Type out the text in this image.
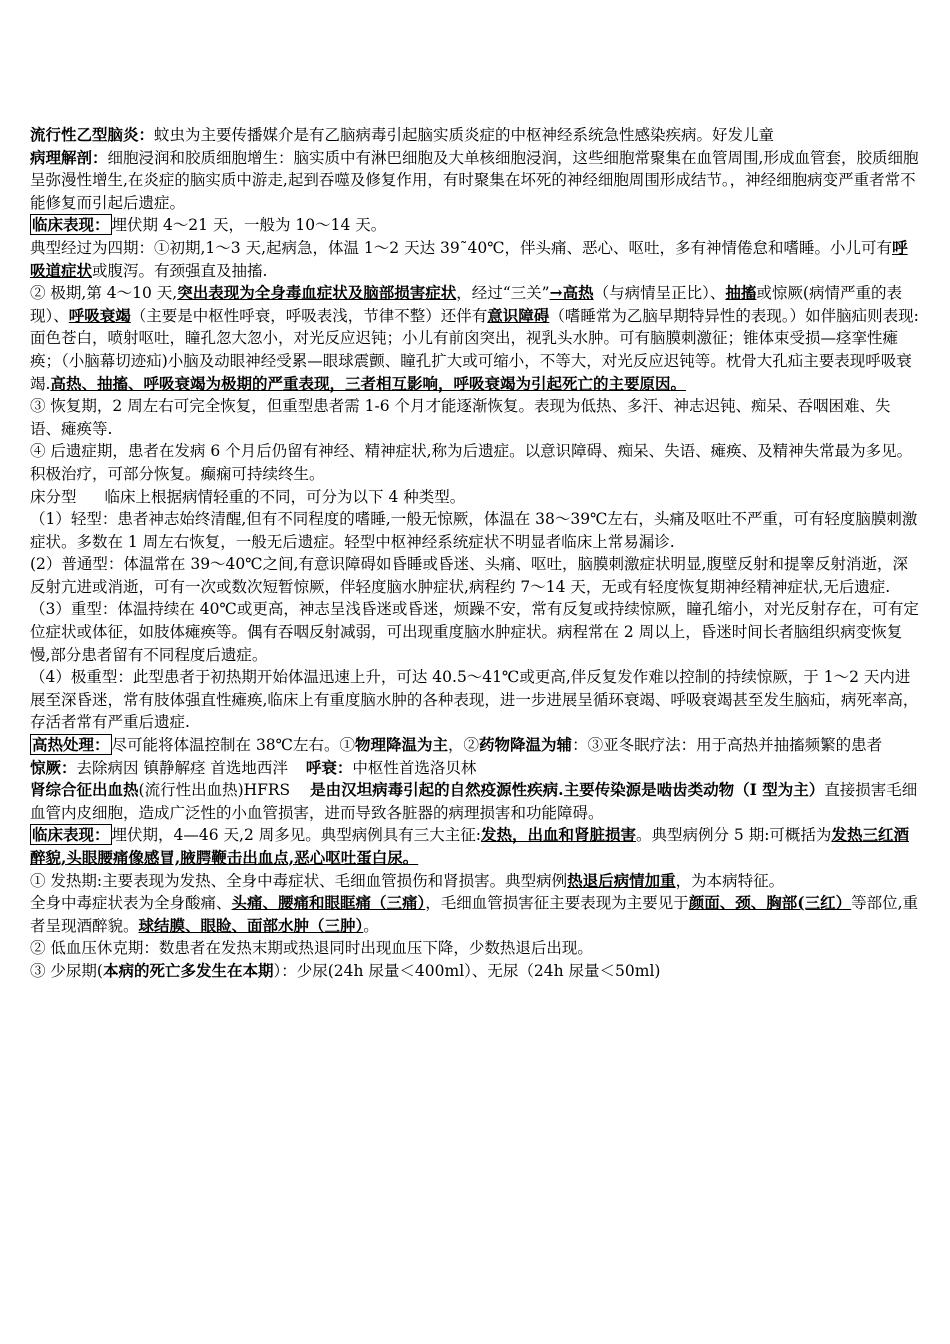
流行性乙型脑炎：蚊虫为主要传播媒介是有乙脑病毒引起脑实质炎症的中枢神经系统急性感染疾病。好发儿童

病理解剖：细胞浸润和胶质细胞增生：脑实质中有淋巴细胞及大单核细胞浸润，这些细胞常聚集在血管周围,形成血管套，胶质细胞呈弥漫性增生,在炎症的脑实质中游走,起到吞噬及修复作用，有时聚集在坏死的神经细胞周围形成结节。，神经细胞病变严重者常不能修复而引起后遗症。

临床表现： 埋伏期 4～21 天，一般为 10～14 天。

典型经过为四期：①初期,1～3 天,起病急，体温 1～2 天达 39˜40℃，伴头痛、恶心、呕吐，多有神情倦怠和嗜睡。小儿可有呼吸道症状或腹泻。有颈强直及抽搐.

② 极期,第 4～10 天,突出表现为全身毒血症状及脑部损害症状，经过“三关”→高热（与病情呈正比）、抽搐或惊厥(病情严重的表现）、呼吸衰竭（主要是中枢性呼衰，呼吸表浅，节律不整）还伴有意识障碍（嗜睡常为乙脑早期特异性的表现。）如伴脑疝则表现:面色苍白，喷射呕吐，瞳孔忽大忽小，对光反应迟钝；小儿有前囟突出，视乳头水肿。可有脑膜刺激征；锥体束受损—痉挛性瘫痪；（小脑幕切迹疝)小脑及动眼神经受累—眼球震颤、瞳孔扩大或可缩小，不等大，对光反应迟钝等。枕骨大孔疝主要表现呼吸衰竭.高热、抽搐、呼吸衰竭为极期的严重表现，三者相互影响，呼吸衰竭为引起死亡的主要原因。

③ 恢复期，2 周左右可完全恢复，但重型患者需 1-6 个月才能逐渐恢复。表现为低热、多汗、神志迟钝、痴呆、吞咽困难、失语、瘫痪等.

④ 后遗症期，患者在发病 6 个月后仍留有神经、精神症状,称为后遗症。以意识障碍、痴呆、失语、瘫痪、及精神失常最为多见。积极治疗，可部分恢复。癫痫可持续终生。

床分型 临床上根据病情轻重的不同，可分为以下 4 种类型。

（1）轻型：患者神志始终清醒,但有不同程度的嗜睡,一般无惊厥，体温在 38～39℃左右，头痛及呕吐不严重，可有轻度脑膜刺激症状。多数在 1 周左右恢复，一般无后遗症。轻型中枢神经系统症状不明显者临床上常易漏诊.

(2）普通型：体温常在 39～40℃之间,有意识障碍如昏睡或昏迷、头痛、呕吐，脑膜刺激症状明显,腹壁反射和提睾反射消逝，深反射亢进或消逝，可有一次或数次短暂惊厥，伴轻度脑水肿症状,病程约 7～14 天，无或有轻度恢复期神经精神症状,无后遗症.

（3）重型：体温持续在 40℃或更高，神志呈浅昏迷或昏迷，烦躁不安，常有反复或持续惊厥，瞳孔缩小，对光反射存在，可有定位症状或体征，如肢体瘫痪等。偶有吞咽反射减弱，可出现重度脑水肿症状。病程常在 2 周以上，昏迷时间长者脑组织病变恢复慢,部分患者留有不同程度后遗症。

（4）极重型：此型患者于初热期开始体温迅速上升，可达 40.5～41℃或更高,伴反复发作难以控制的持续惊厥，于 1～2 天内进展至深昏迷，常有肢体强直性瘫痪,临床上有重度脑水肿的各种表现，进一步进展呈循环衰竭、呼吸衰竭甚至发生脑疝，病死率高，存活者常有严重后遗症.

高热处理： 尽可能将体温控制在 38℃左右。①物理降温为主，②药物降温为辅：③亚冬眠疗法：用于高热并抽搐频繁的患者

惊厥：去除病因 镇静解痉 首选地西泮 呼衰：中枢性首选洛贝林

肾综合征出血热(流行性出血热)HFRS 是由汉坦病毒引起的自然疫源性疾病.主要传染源是啮齿类动物（I 型为主）直接损害毛细血管内皮细胞，造成广泛性的小血管损害，进而导致各脏器的病理损害和功能障碍。

临床表现： 埋伏期，4—46 天,2 周多见。典型病例具有三大主征:发热，出血和肾脏损害。典型病例分 5 期:可概括为发热三红酒醉貌,头眼腰痛像感冒,腋腭鞭击出血点,恶心呕吐蛋白尿。

① 发热期:主要表现为发热、全身中毒症状、毛细血管损伤和肾损害。典型病例热退后病情加重，为本病特征。

全身中毒症状表为全身酸痛、头痛、腰痛和眼眶痛（三痛），毛细血管损害征主要表现为主要见于颜面、颈、胸部(三红）等部位,重者呈现酒醉貌。球结膜、眼睑、面部水肿（三肿）。

② 低血压休克期：数患者在发热末期或热退同时出现血压下降，少数热退后出现。

③ 少尿期(本病的死亡多发生在本期）：少尿(24h 尿量＜400ml）、无尿（24h 尿量＜50ml)
